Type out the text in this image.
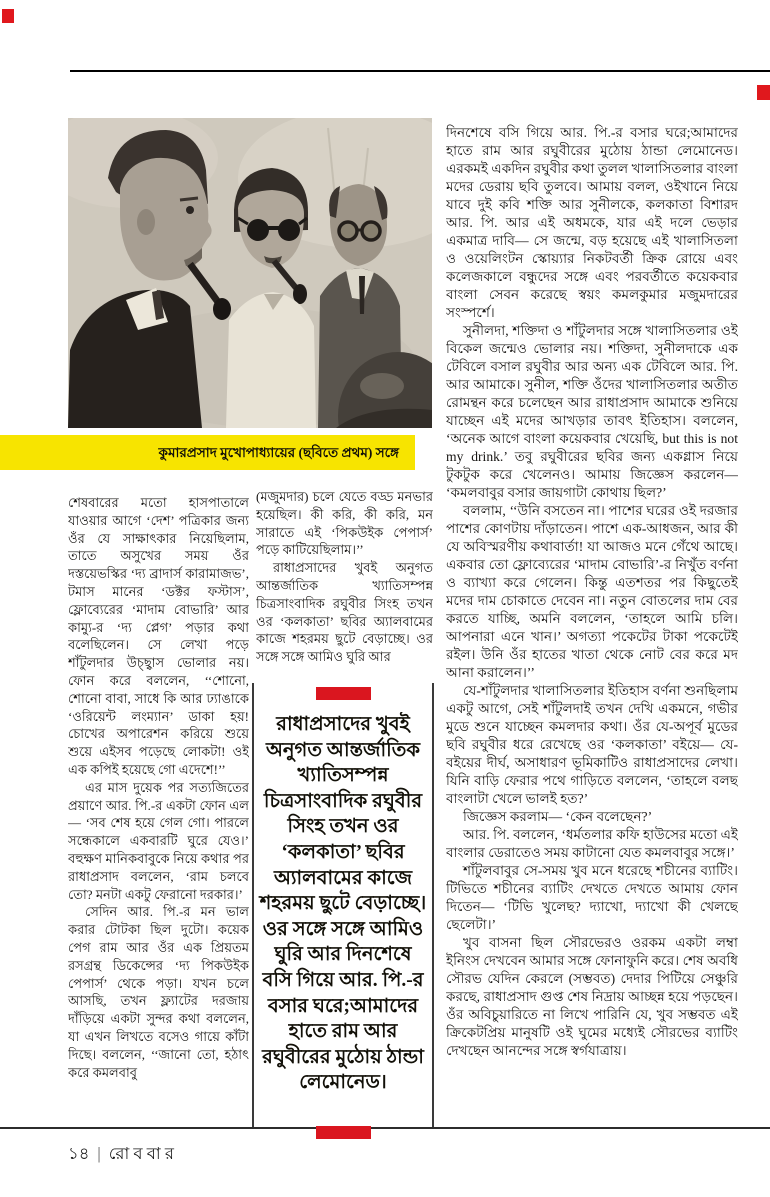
কুমারপ্রসাদ মুখোপাধ্যায়ের (ছবিতে প্রথম) সঙ্গে

শেষবারের মতো হাসপাতালে যাওয়ার আগে ‘দেশ’ পত্রিকার জন্য ওঁর যে সাক্ষাৎকার নিয়েছিলাম, তাতে অসুখের সময় ওঁর দস্তয়েভস্কির ‘দ্য ব্রাদার্স কারামাজভ’, টমাস মানের ‘ডক্টর ফস্টাস’, ফ্লোব্যেরের ‘মাদাম বোভারি’ আর কাম্যু-র ‘দ্য প্লেগ’ পড়ার কথা বলেছিলেন। সে লেখা পড়ে শাঁটুলদার উচ্ছ্বাস ভোলার নয়। ফোন করে বললেন, ‘‘শোনো, শোনো বাবা, সাধে কি আর ঢ্যাঙাকে ‘ওরিয়েন্ট লংম্যান’ ডাকা হয়! চোখের অপারেশন করিয়ে শুয়ে শুয়ে এইসব পড়েছে লোকটা! ওই এক কপিই হয়েছে গো এদেশে!’’

এর মাস দুয়েক পর সত্যজিতের প্রয়াণে আর. পি.-র একটা ফোন এল— ‘সব শেষ হয়ে গেল গো। পারলে সন্ধেকালে একবারটি ঘুরে যেও।’ বহুক্ষণ মানিকবাবুকে নিয়ে কথার পর রাধাপ্রসাদ বললেন, ‘রাম চলবে তো? মনটা একটু ফেরানো দরকার।’

সেদিন আর. পি.-র মন ভাল করার টোটকা ছিল দুটো। কয়েক পেগ রাম আর ওঁর এক প্রিয়তম রসগ্রন্থ ডিকেন্সের ‘দ্য পিকউইক পেপার্স’ থেকে পড়া। যখন চলে আসছি, তখন ফ্ল্যাটের দরজায় দাঁড়িয়ে একটা সুন্দর কথা বললেন, যা এখন লিখতে বসেও গায়ে কাঁটা দিছে। বললেন, ‘‘জানো তো, হঠাৎ করে কমলবাবু

(মজুমদার) চলে যেতে বড্ড মনভার হয়েছিল। কী করি, কী করি, মন সারাতে এই ‘পিকউইক পেপার্স’ পড়ে কাটিয়েছিলাম।’’

রাধাপ্রসাদের খুবই অনুগত আন্তর্জাতিক খ্যাতিসম্পন্ন চিত্রসাংবাদিক রঘুবীর সিংহ তখন ওর ‘কলকাতা’ ছবির অ্যালবামের কাজে শহরময় ছুটে বেড়াচ্ছে। ওর সঙ্গে সঙ্গে আমিও ঘুরি আর

রাধাপ্রসাদের খুবই অনুগত আন্তর্জাতিক খ্যাতিসম্পন্ন চিত্রসাংবাদিক রঘুবীর সিংহ তখন ওর ‘কলকাতা’ ছবির অ্যালবামের কাজে শহরময় ছুটে বেড়াচ্ছে। ওর সঙ্গে সঙ্গে আমিও ঘুরি আর দিনশেষে বসি গিয়ে আর. পি.-র বসার ঘরে;আমাদের হাতে রাম আর রঘুবীরের মুঠোয় ঠান্ডা লেমোনেড।

দিনশেষে বসি গিয়ে আর. পি.-র বসার ঘরে;আমাদের হাতে রাম আর রঘুবীরের মুঠোয় ঠান্ডা লেমোনেড। এরকমই একদিন রঘুবীর কথা তুলল খালাসিতলার বাংলা মদের ডেরায় ছবি তুলবে। আমায় বলল, ওইখানে নিয়ে যাবে দুই কবি শক্তি আর সুনীলকে, কলকাতা বিশারদ আর. পি. আর এই অধমকে, যার এই দলে ভেড়ার একমাত্র দাবি— সে জন্মে, বড় হয়েছে এই খালাসিতলা ও ওয়েলিংটন স্কোয়্যার নিকটবর্তী ক্রিক রোয়ে এবং কলেজকালে বন্ধুদের সঙ্গে এবং পরবর্তীতে কয়েকবার বাংলা সেবন করেছে স্বয়ং কমলকুমার মজুমদারের সংস্পর্শে।

সুনীলদা, শক্তিদা ও শাঁটুলদার সঙ্গে খালাসিতলার ওই বিকেল জন্মেও ভোলার নয়। শক্তিদা, সুনীলদাকে এক টেবিলে বসাল রঘুবীর আর অন্য এক টেবিলে আর. পি. আর আমাকে। সুনীল, শক্তি ওঁদের খালাসিতলার অতীত রোমন্থন করে চলেছেন আর রাধাপ্রসাদ আমাকে শুনিয়ে যাচ্ছেন এই মদের আখড়ার তাবৎ ইতিহাস। বললেন, ‘অনেক আগে বাংলা কয়েকবার খেয়েছি, but this is not my drink.’ তবু রঘুবীরের ছবির জন্য একগ্লাস নিয়ে টুকটুক করে খেলেনও। আমায় জিজ্ঞেস করলেন— ‘কমলবাবুর বসার জায়গাটা কোথায় ছিল?’

বললাম, ‘‘উনি বসতেন না। পাশের ঘরের ওই দরজার পাশের কোণটায় দাঁড়াতেন। পাশে এক-আধজন, আর কী যে অবিস্মরণীয় কথাবার্তা! যা আজও মনে গেঁথে আছে। একবার তো ফ্লোব্যেরের ‘মাদাম বোভারি’-র নিখুঁত বর্ণনা ও ব্যাখ্যা করে গেলেন। কিন্তু এতশতর পর কিছুতেই মদের দাম চোকাতে দেবেন না। নতুন বোতলের দাম বের করতে যাচ্ছি, অমনি বললেন, ‘তাহলে আমি চলি। আপনারা এনে খান।’ অগত্যা পকেটের টাকা পকেটেই রইল। উনি ওঁর হাতের খাতা থেকে নোট বের করে মদ আনা করালেন।’’

যে-শাঁটুলদার খালাসিতলার ইতিহাস বর্ণনা শুনছিলাম একটু আগে, সেই শাঁটুলদাই তখন দেখি একমনে, গভীর মুডে শুনে যাচ্ছেন কমলদার কথা। ওঁর যে-অপূর্ব মুডের ছবি রঘুবীর ধরে রেখেছে ওর ‘কলকাতা’ বইয়ে— যে-বইয়ের দীর্ঘ, অসাধারণ ভূমিকাটিও রাধাপ্রসাদের লেখা। যিনি বাড়ি ফেরার পথে গাড়িতে বললেন, ‘তাহলে বলছ বাংলাটা খেলে ভালই হত?’

জিজ্ঞেস করলাম— ‘কেন বলেছেন?’

আর. পি. বললেন, ‘ধর্মতলার কফি হাউসের মতো এই বাংলার ডেরাতেও সময় কাটানো যেত কমলবাবুর সঙ্গে।’

শাঁটুলবাবুর সে-সময় খুব মনে ধরেছে শচীনের ব্যাটিং। টিভিতে শচীনের ব্যাটিং দেখতে দেখতে আমায় ফোন দিতেন— ‘টিভি খুলেছ? দ্যাখো, দ্যাখো কী খেলছে ছেলেটা।’

খুব বাসনা ছিল সৌরভেরও ওরকম একটা লম্বা ইনিংস দেখবেন আমার সঙ্গে ফোনাফুনি করে। শেষ অবধি সৌরভ যেদিন কেরলে (সম্ভবত) দেদার পিটিয়ে সেঞ্চুরি করছে, রাধাপ্রসাদ গুপ্ত শেষ নিদ্রায় আচ্ছন্ন হয়ে পড়ছেন। ওঁর অবিচুয়ারিতে না লিখে পারিনি যে, খুব সম্ভবত এই ক্রিকেটপ্রিয় মানুষটি ওই ঘুমের মধ্যেই সৌরভের ব্যাটিং দেখছেন আনন্দের সঙ্গে স্বর্গযাত্রায়।

১৪ | রো ব বা র
